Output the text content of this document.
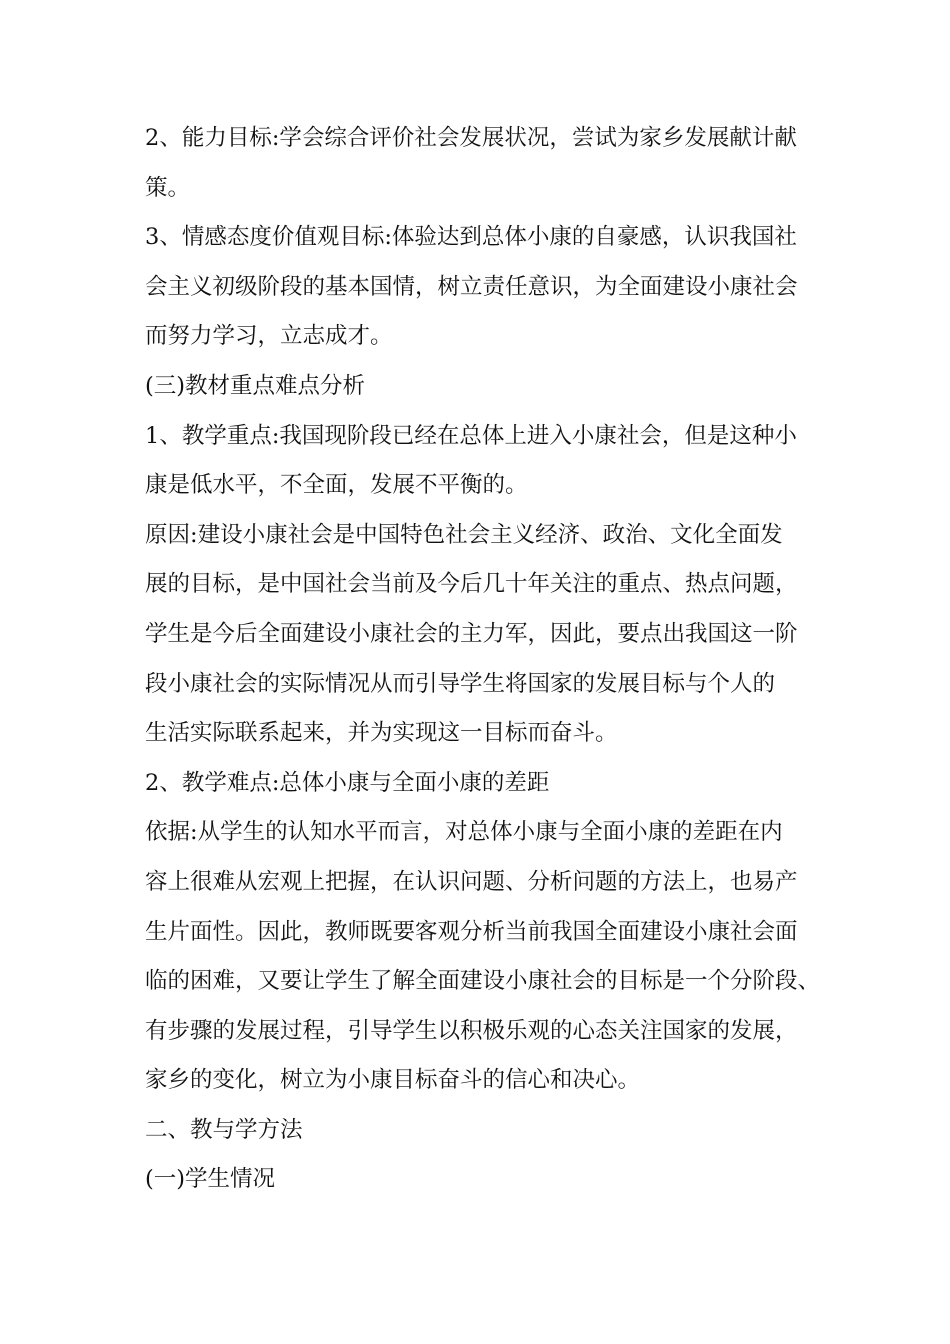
2、能力目标:学会综合评价社会发展状况，尝试为家乡发展献计献
策。
3、情感态度价值观目标:体验达到总体小康的自豪感，认识我国社
会主义初级阶段的基本国情，树立责任意识，为全面建设小康社会
而努力学习，立志成才。
(三)教材重点难点分析
1、教学重点:我国现阶段已经在总体上进入小康社会，但是这种小
康是低水平，不全面，发展不平衡的。
原因:建设小康社会是中国特色社会主义经济、政治、文化全面发
展的目标，是中国社会当前及今后几十年关注的重点、热点问题，
学生是今后全面建设小康社会的主力军，因此，要点出我国这一阶
段小康社会的实际情况从而引导学生将国家的发展目标与个人的
生活实际联系起来，并为实现这一目标而奋斗。
2、教学难点:总体小康与全面小康的差距
依据:从学生的认知水平而言，对总体小康与全面小康的差距在内
容上很难从宏观上把握，在认识问题、分析问题的方法上，也易产
生片面性。因此，教师既要客观分析当前我国全面建设小康社会面
临的困难，又要让学生了解全面建设小康社会的目标是一个分阶段、
有步骤的发展过程，引导学生以积极乐观的心态关注国家的发展，
家乡的变化，树立为小康目标奋斗的信心和决心。
二、教与学方法
(一)学生情况
